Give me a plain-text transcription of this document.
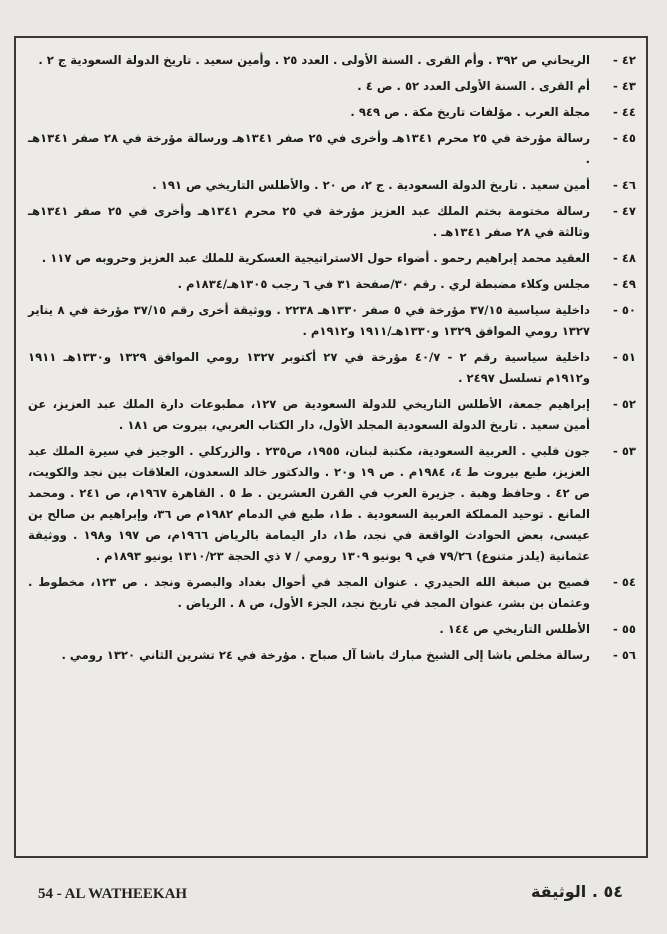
٤٢ -
الريحاني ص ٣٩٢ . وأم القرى . السنة الأولى . العدد ٢٥ . وأمين سعيد . تاريخ الدولة السعودية ج ٢ .
٤٣ -
أم القرى . السنة الأولى العدد ٥٢ . ص ٤ .
٤٤ -
مجلة العرب . مؤلفات تاريخ مكة . ص ٩٤٩ .
٤٥ -
رسالة مؤرخة في ٢٥ محرم ١٣٤١هـ وأخرى في ٢٥ صفر ١٣٤١هـ ورسالة مؤرخة في ٢٨ صفر ١٣٤١هـ .
٤٦ -
أمين سعيد . تاريخ الدولة السعودية . ج ٢، ص ٢٠ . والأطلس التاريخي ص ١٩١ .
٤٧ -
رسالة مختومة بختم الملك عبد العزيز مؤرخة في ٢٥ محرم ١٣٤١هـ وأخرى في ٢٥ صفر ١٣٤١هـ وثالثة في ٢٨ صفر ١٣٤١هـ .
٤٨ -
العقيد محمد إبراهيم رحمو . أضواء حول الاستراتيجية العسكرية للملك عبد العزيز وحروبه ص ١١٧ .
٤٩ -
مجلس وكلاء مضبطة لري . رقم ٣٠/صفحة ٣١ في ٦ رجب ١٣٠٥هـ/١٨٣٤م .
٥٠ -
داخلية سياسية ٣٧/١٥ مؤرخة في ٥ صفر ١٣٣٠هـ ٢٢٣٨ . ووثيقة أخرى رقم ٣٧/١٥ مؤرخة في ٨ يناير ١٣٢٧ رومي الموافق ١٣٢٩ و١٣٣٠هـ/١٩١١ و١٩١٢م .
٥١ -
داخلية سياسية رقم ٢ - ٤٠/٧ مؤرخة في ٢٧ أكتوبر ١٣٢٧ رومي الموافق ١٣٢٩ و١٣٣٠هـ ١٩١١ و١٩١٢م تسلسل ٢٤٩٧ .
٥٢ -
إبراهيم جمعة، الأطلس التاريخي للدولة السعودية ص ١٢٧، مطبوعات دارة الملك عبد العزيز، عن أمين سعيد . تاريخ الدولة السعودية المجلد الأول، دار الكتاب العربي، بيروت ص ١٨١ .
٥٣ -
جون فلبي . العربية السعودية، مكتبة لبنان، ١٩٥٥، ص٢٣٥ . والزركلي . الوجيز في سيرة الملك عبد العزيز، طبع بيروت ط ٤، ١٩٨٤م . ص ١٩ و٢٠ . والدكتور خالد السعدون، العلاقات بين نجد والكويت، ص ٤٢ . وحافظ وهبة . جزيرة العرب في القرن العشرين . ط ٥ . القاهرة ١٩٦٧م، ص ٢٤١ . ومحمد المانع . توحيد المملكة العربية السعودية . ط١، طبع في الدمام ١٩٨٢م ص ٣٦، وإبراهيم بن صالح بن عيسى، بعض الحوادث الواقعة في نجد، ط١، دار اليمامة بالرياض ١٩٦٦م، ص ١٩٧ و١٩٨ . ووثيقة عثمانية (يلدز متنوع) ٧٩/٢٦ في ٩ يونيو ١٣٠٩ رومي / ٧ ذي الحجة ١٣١٠/٢٣ يونيو ١٨٩٣م .
٥٤ -
فصيح بن صبغة الله الحيدري . عنوان المجد في أحوال بغداد والبصرة ونجد . ص ١٢٣، مخطوط . وعثمان بن بشر، عنوان المجد في تاريخ نجد، الجزء الأول، ص ٨ . الرياض .
٥٥ -
الأطلس التاريخي ص ١٤٤ .
٥٦ -
رسالة مخلص باشا إلى الشيخ مبارك باشا آل صباح . مؤرخة في ٢٤ تشرين الثاني ١٣٢٠ رومي .
54 - AL WATHEEKAH	٥٤ . الوثيقة
